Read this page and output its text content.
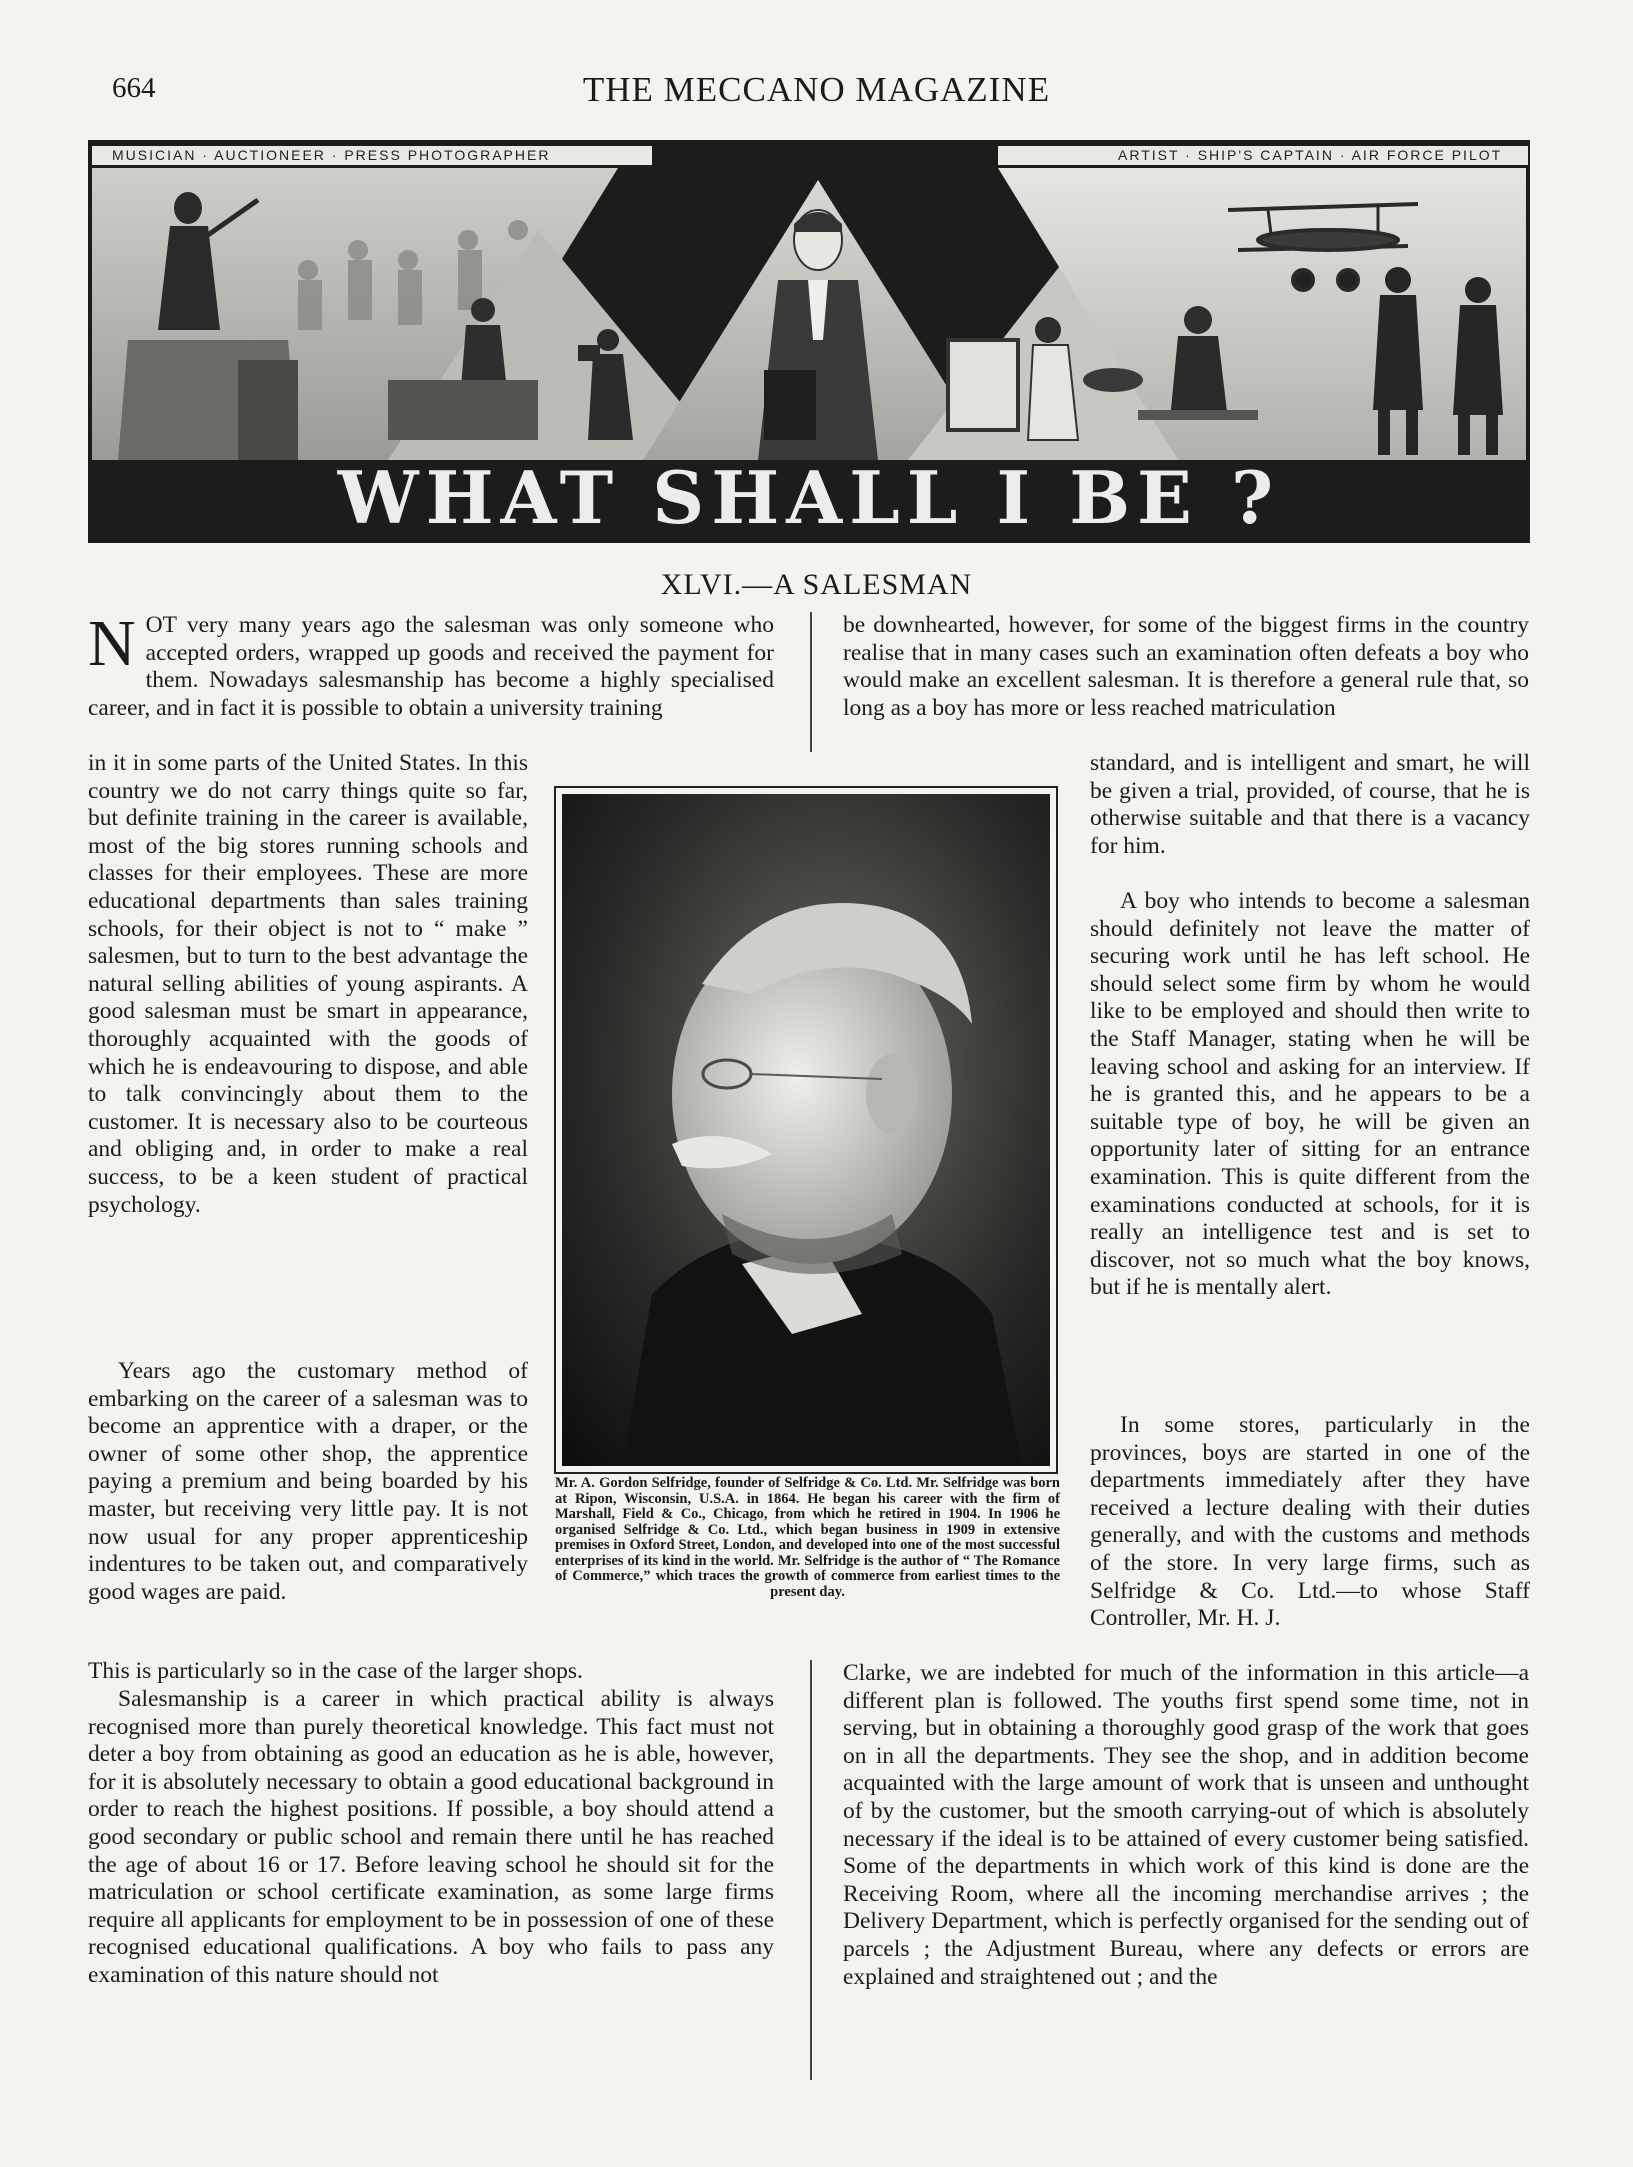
664	THE MECCANO MAGAZINE
MUSICIAN · AUCTIONEER · PRESS PHOTOGRAPHER	ARTIST · SHIP'S CAPTAIN · AIR FORCE PILOT
WHAT SHALL I BE ?
XLVI.—A SALESMAN
NOT very many years ago the salesman was only someone who accepted orders, wrapped up goods and received the payment for them. Nowadays salesmanship has become a highly specialised career, and in fact it is possible to obtain a university training

in it in some parts of the United States. In this country we do not carry things quite so far, but definite training in the career is available, most of the big stores running schools and classes for their employees. These are more educational departments than sales training schools, for their object is not to “ make ” salesmen, but to turn to the best advantage the natural selling abilities of young aspirants. A good salesman must be smart in appearance, thoroughly acquainted with the goods of which he is endeavouring to dispose, and able to talk convincingly about them to the customer. It is necessary also to be courteous and obliging and, in order to make a real success, to be a keen student of practical psychology.

Years ago the customary method of embarking on the career of a salesman was to become an apprentice with a draper, or the owner of some other shop, the apprentice paying a premium and being boarded by his master, but receiving very little pay. It is not now usual for any proper apprenticeship indentures to be taken out, and comparatively good wages are paid.

This is particularly so in the case of the larger shops.

Salesmanship is a career in which practical ability is always recognised more than purely theoretical knowledge. This fact must not deter a boy from obtaining as good an education as he is able, however, for it is absolutely necessary to obtain a good educational background in order to reach the highest positions. If possible, a boy should attend a good secondary or public school and remain there until he has reached the age of about 16 or 17. Before leaving school he should sit for the matriculation or school certificate examination, as some large firms require all applicants for employment to be in possession of one of these recognised educational qualifications. A boy who fails to pass any examination of this nature should not

be downhearted, however, for some of the biggest firms in the country realise that in many cases such an examination often defeats a boy who would make an excellent salesman. It is therefore a general rule that, so long as a boy has more or less reached matriculation

standard, and is intelligent and smart, he will be given a trial, provided, of course, that he is otherwise suitable and that there is a vacancy for him.

A boy who intends to become a salesman should definitely not leave the matter of securing work until he has left school. He should select some firm by whom he would like to be employed and should then write to the Staff Manager, stating when he will be leaving school and asking for an interview. If he is granted this, and he appears to be a suitable type of boy, he will be given an opportunity later of sitting for an entrance examination. This is quite different from the examinations conducted at schools, for it is really an intelligence test and is set to discover, not so much what the boy knows, but if he is mentally alert.

In some stores, particularly in the provinces, boys are started in one of the departments immediately after they have received a lecture dealing with their duties generally, and with the customs and methods of the store. In very large firms, such as Selfridge & Co. Ltd.—to whose Staff Controller, Mr. H. J.

Clarke, we are indebted for much of the information in this article—a different plan is followed. The youths first spend some time, not in serving, but in obtaining a thoroughly good grasp of the work that goes on in all the departments. They see the shop, and in addition become acquainted with the large amount of work that is unseen and unthought of by the customer, but the smooth carrying-out of which is absolutely necessary if the ideal is to be attained of every customer being satisfied. Some of the departments in which work of this kind is done are the Receiving Room, where all the incoming merchandise arrives ; the Delivery Department, which is perfectly organised for the sending out of parcels ; the Adjustment Bureau, where any defects or errors are explained and straightened out ; and the

Mr. A. Gordon Selfridge, founder of Selfridge & Co. Ltd. Mr. Selfridge was born at Ripon, Wisconsin, U.S.A. in 1864. He began his career with the firm of Marshall, Field & Co., Chicago, from which he retired in 1904. In 1906 he organised Selfridge & Co. Ltd., which began business in 1909 in extensive premises in Oxford Street, London, and developed into one of the most successful enterprises of its kind in the world. Mr. Selfridge is the author of “ The Romance of Commerce,” which traces the growth of commerce from earliest times to the present day.
